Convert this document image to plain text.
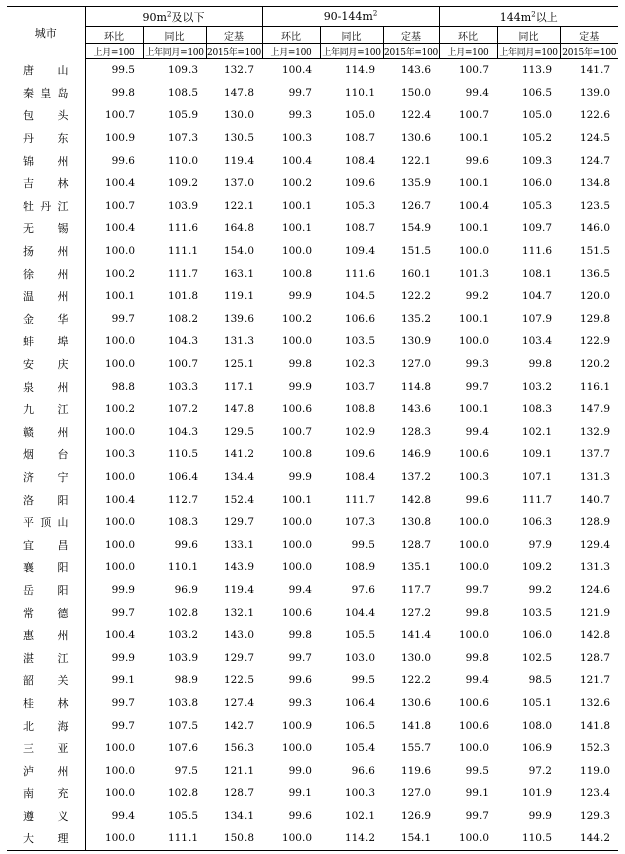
城市	$90m^2$及以下			$90-144m^2$			$144m^2$以上		
	环比	同比	定基	环比	同比	定基	环比	同比	定基
	上月=100	上年同月=100	2015年=100	上月=100	上年同月=100	2015年=100	上月=100	上年同月=100	2015年=100
唐山	99.5	109.3	132.7	100.4	114.9	143.6	100.7	113.9	141.7
秦皇岛	99.8	108.5	147.8	99.7	110.1	150.0	99.4	106.5	139.0
包头	100.7	105.9	130.0	99.3	105.0	122.4	100.7	105.0	122.6
丹东	100.9	107.3	130.5	100.3	108.7	130.6	100.1	105.2	124.5
锦州	99.6	110.0	119.4	100.4	108.4	122.1	99.6	109.3	124.7
吉林	100.4	109.2	137.0	100.2	109.6	135.9	100.1	106.0	134.8
牡丹江	100.7	103.9	122.1	100.1	105.3	126.7	100.4	105.3	123.5
无锡	100.4	111.6	164.8	100.1	108.7	154.9	100.1	109.7	146.0
扬州	100.0	111.1	154.0	100.0	109.4	151.5	100.0	111.6	151.5
徐州	100.2	111.7	163.1	100.8	111.6	160.1	101.3	108.1	136.5
温州	100.1	101.8	119.1	99.9	104.5	122.2	99.2	104.7	120.0
金华	99.7	108.2	139.6	100.2	106.6	135.2	100.1	107.9	129.8
蚌埠	100.0	104.3	131.3	100.0	103.5	130.9	100.0	103.4	122.9
安庆	100.0	100.7	125.1	99.8	102.3	127.0	99.3	99.8	120.2
泉州	98.8	103.3	117.1	99.9	103.7	114.8	99.7	103.2	116.1
九江	100.2	107.2	147.8	100.6	108.8	143.6	100.1	108.3	147.9
赣州	100.0	104.3	129.5	100.7	102.9	128.3	99.4	102.1	132.9
烟台	100.3	110.5	141.2	100.8	109.6	146.9	100.6	109.1	137.7
济宁	100.0	106.4	134.4	99.9	108.4	137.2	100.3	107.1	131.3
洛阳	100.4	112.7	152.4	100.1	111.7	142.8	99.6	111.7	140.7
平顶山	100.0	108.3	129.7	100.0	107.3	130.8	100.0	106.3	128.9
宜昌	100.0	99.6	133.1	100.0	99.5	128.7	100.0	97.9	129.4
襄阳	100.0	110.1	143.9	100.0	108.9	135.1	100.0	109.2	131.3
岳阳	99.9	96.9	119.4	99.4	97.6	117.7	99.7	99.2	124.6
常德	99.7	102.8	132.1	100.6	104.4	127.2	99.8	103.5	121.9
惠州	100.4	103.2	143.0	99.8	105.5	141.4	100.0	106.0	142.8
湛江	99.9	103.9	129.7	99.7	103.0	130.0	99.8	102.5	128.7
韶关	99.1	98.9	122.5	99.6	99.5	122.2	99.4	98.5	121.7
桂林	99.7	103.8	127.4	99.3	106.4	130.6	100.6	105.1	132.6
北海	99.7	107.5	142.7	100.9	106.5	141.8	100.6	108.0	141.8
三亚	100.0	107.6	156.3	100.0	105.4	155.7	100.0	106.9	152.3
泸州	100.0	97.5	121.1	99.0	96.6	119.6	99.5	97.2	119.0
南充	100.0	102.8	128.7	99.1	100.3	127.0	99.1	101.9	123.4
遵义	99.4	105.5	134.1	99.6	102.1	126.9	99.7	99.9	129.3
大理	100.0	111.1	150.8	100.0	114.2	154.1	100.0	110.5	144.2
